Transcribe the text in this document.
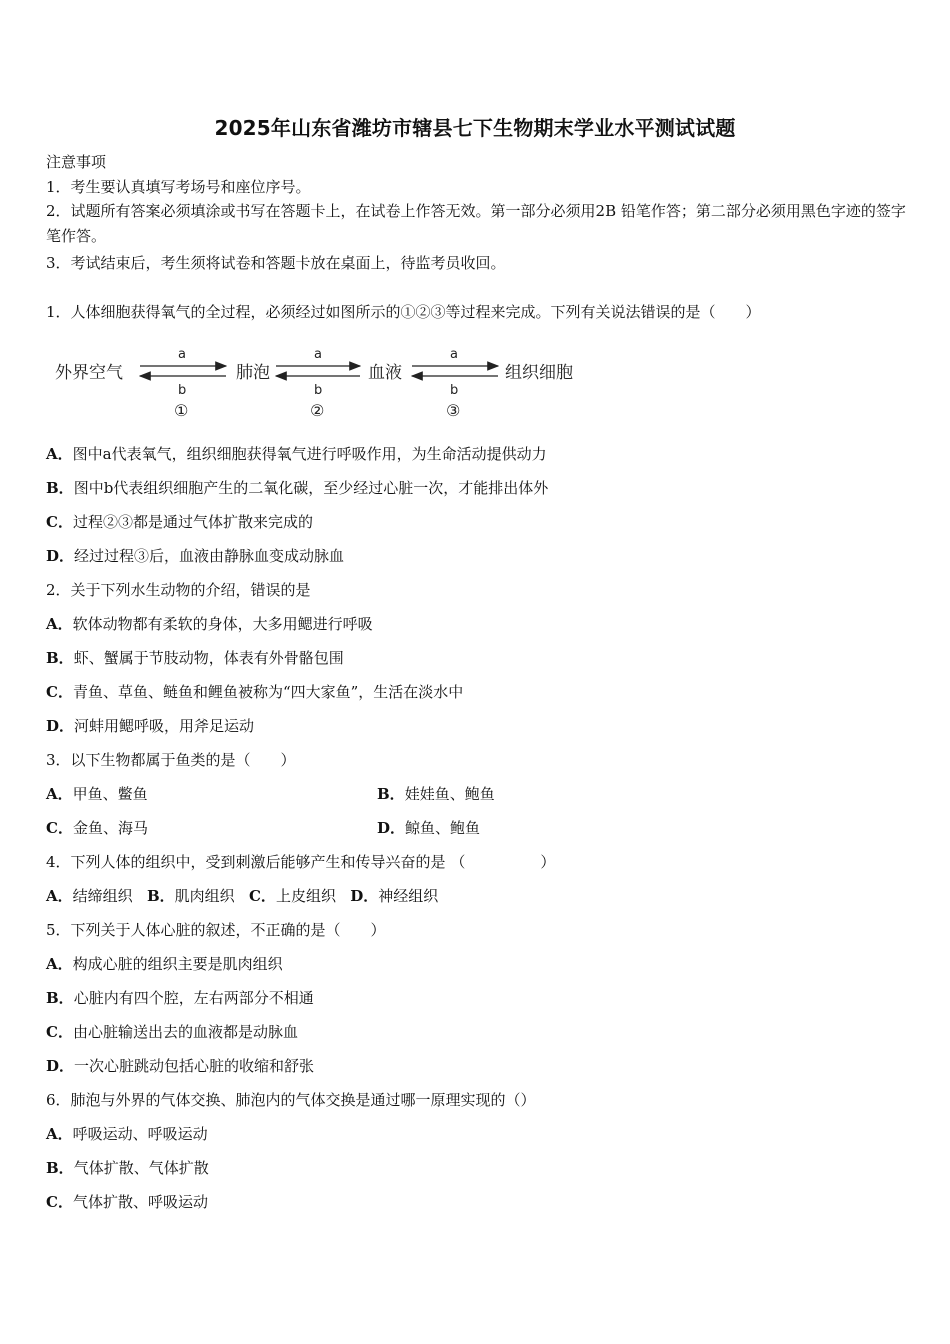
2025年山东省潍坊市辖县七下生物期末学业水平测试试题
注意事项
1．考生要认真填写考场号和座位序号。
2．试题所有答案必须填涂或书写在答题卡上，在试卷上作答无效。第一部分必须用2B 铅笔作答；第二部分必须用黑色字迹的签字笔作答。
3．考试结束后，考生须将试卷和答题卡放在桌面上，待监考员收回。
1．人体细胞获得氧气的全过程，必须经过如图所示的①②③等过程来完成。下列有关说法错误的是（　　）
外界空气	肺泡	血液	组织细胞
a	a	a
b	b	b
①	②	③
A．图中a代表氧气，组织细胞获得氧气进行呼吸作用，为生命活动提供动力
B．图中b代表组织细胞产生的二氧化碳，至少经过心脏一次，才能排出体外
C．过程②③都是通过气体扩散来完成的
D．经过过程③后，血液由静脉血变成动脉血
2．关于下列水生动物的介绍，错误的是
A．软体动物都有柔软的身体，大多用鳃进行呼吸
B．虾、蟹属于节肢动物，体表有外骨骼包围
C．青鱼、草鱼、鲢鱼和鲤鱼被称为“四大家鱼”，生活在淡水中
D．河蚌用鳃呼吸，用斧足运动
3．以下生物都属于鱼类的是（　　）
A．甲鱼、鳖鱼	B．娃娃鱼、鲍鱼
C．金鱼、海马	D．鲸鱼、鲍鱼
4．下列人体的组织中，受到刺激后能够产生和传导兴奋的是 （　　　　　）
A．结缔组织 B．肌肉组织 C．上皮组织 D．神经组织
5．下列关于人体心脏的叙述，不正确的是（　　）
A．构成心脏的组织主要是肌肉组织
B．心脏内有四个腔，左右两部分不相通
C．由心脏输送出去的血液都是动脉血
D．一次心脏跳动包括心脏的收缩和舒张
6．肺泡与外界的气体交换、肺泡内的气体交换是通过哪一原理实现的（）
A．呼吸运动、呼吸运动
B．气体扩散、气体扩散
C．气体扩散、呼吸运动
